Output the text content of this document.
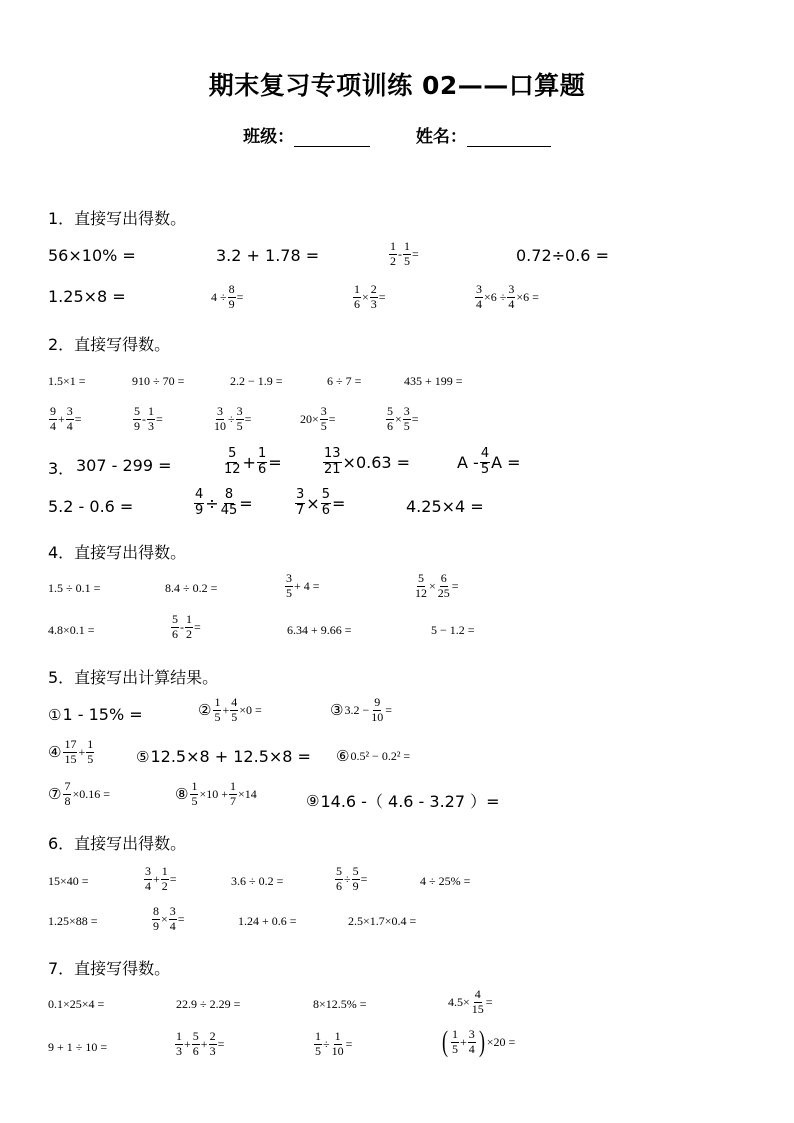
期末复习专项训练 02——口算题
班级：	姓名：
1．直接写出得数。
56×10% =	3.2 + 1.78 =	$\frac{1}{2} - \frac{1}{5}$ =	0.72÷0.6 =
1.25×8 =	$4 \div \frac{8}{9}$ =	$\frac{1}{6} \times \frac{2}{3}$ =	$\frac{3}{4} \times 6 \div \frac{3}{4} \times 6$ =
2．直接写得数。
1.5×1 =	910 ÷ 70 =	2.2 − 1.9 =	6 ÷ 7 =	435 + 199 =
$\frac{9}{4} + \frac{3}{4}$ =	$\frac{5}{9} - \frac{1}{3}$ =	$\frac{3}{10} \div \frac{3}{5}$ =	$20\times \frac{3}{5}$ =	$\frac{5}{6} \times \frac{3}{5}$ =
3． 307 - 299 =	$\frac{5}{12} + \frac{1}{6}$ =	$\frac{13}{21} \times 0.63$ =	A - $\frac{4}{5}$ A =
5.2 - 0.6 =	$\frac{4}{9} \div \frac{8}{45}$ =	$\frac{3}{7} \times \frac{5}{6}$ =	4.25×4 =
4．直接写出得数。
1.5 ÷ 0.1 =	8.4 ÷ 0.2 =	$\frac{3}{5} + 4$ =	$\frac{5}{12} \times \frac{6}{25}$ =
4.8×0.1 =	$\frac{5}{6} - \frac{1}{2}$ =	6.34 + 9.66 =	5 − 1.2 =
5．直接写出计算结果。
① 1 - 15% =	② $\frac{1}{5} + \frac{4}{5} \times 0$ =	③ $3.2 - \frac{9}{10}$ =
④ $\frac{17}{15} + \frac{1}{5}$	⑤ 12.5×8 + 12.5×8 = ⑥ 0.5² − 0.2² =
⑦ $\frac{7}{8} \times 0.16$ =	⑧ $\frac{1}{5} \times 10 + \frac{1}{7} \times 14$	⑨ 14.6 -（ 4.6 - 3.27 ）=
6．直接写出得数。
15×40 =	$\frac{3}{4} + \frac{1}{2}$ =	3.6 ÷ 0.2 =	$\frac{5}{6} \div \frac{5}{9}$ =	4 ÷ 25% =
1.25×88 =	$\frac{8}{9} \times \frac{3}{4}$ =	1.24 + 0.6 =	2.5×1.7×0.4 =
7．直接写得数。
0.1×25×4 =	22.9 ÷ 2.29 =	8×12.5% =	$4.5\times \frac{4}{15}$ =
9 + 1 ÷ 10 =	$\frac{1}{3} + \frac{5}{6} + \frac{2}{3}$ =	$\frac{1}{5} \div \frac{1}{10}$ =	( $\frac{1}{5} + \frac{3}{4}$ ) ×20 =
